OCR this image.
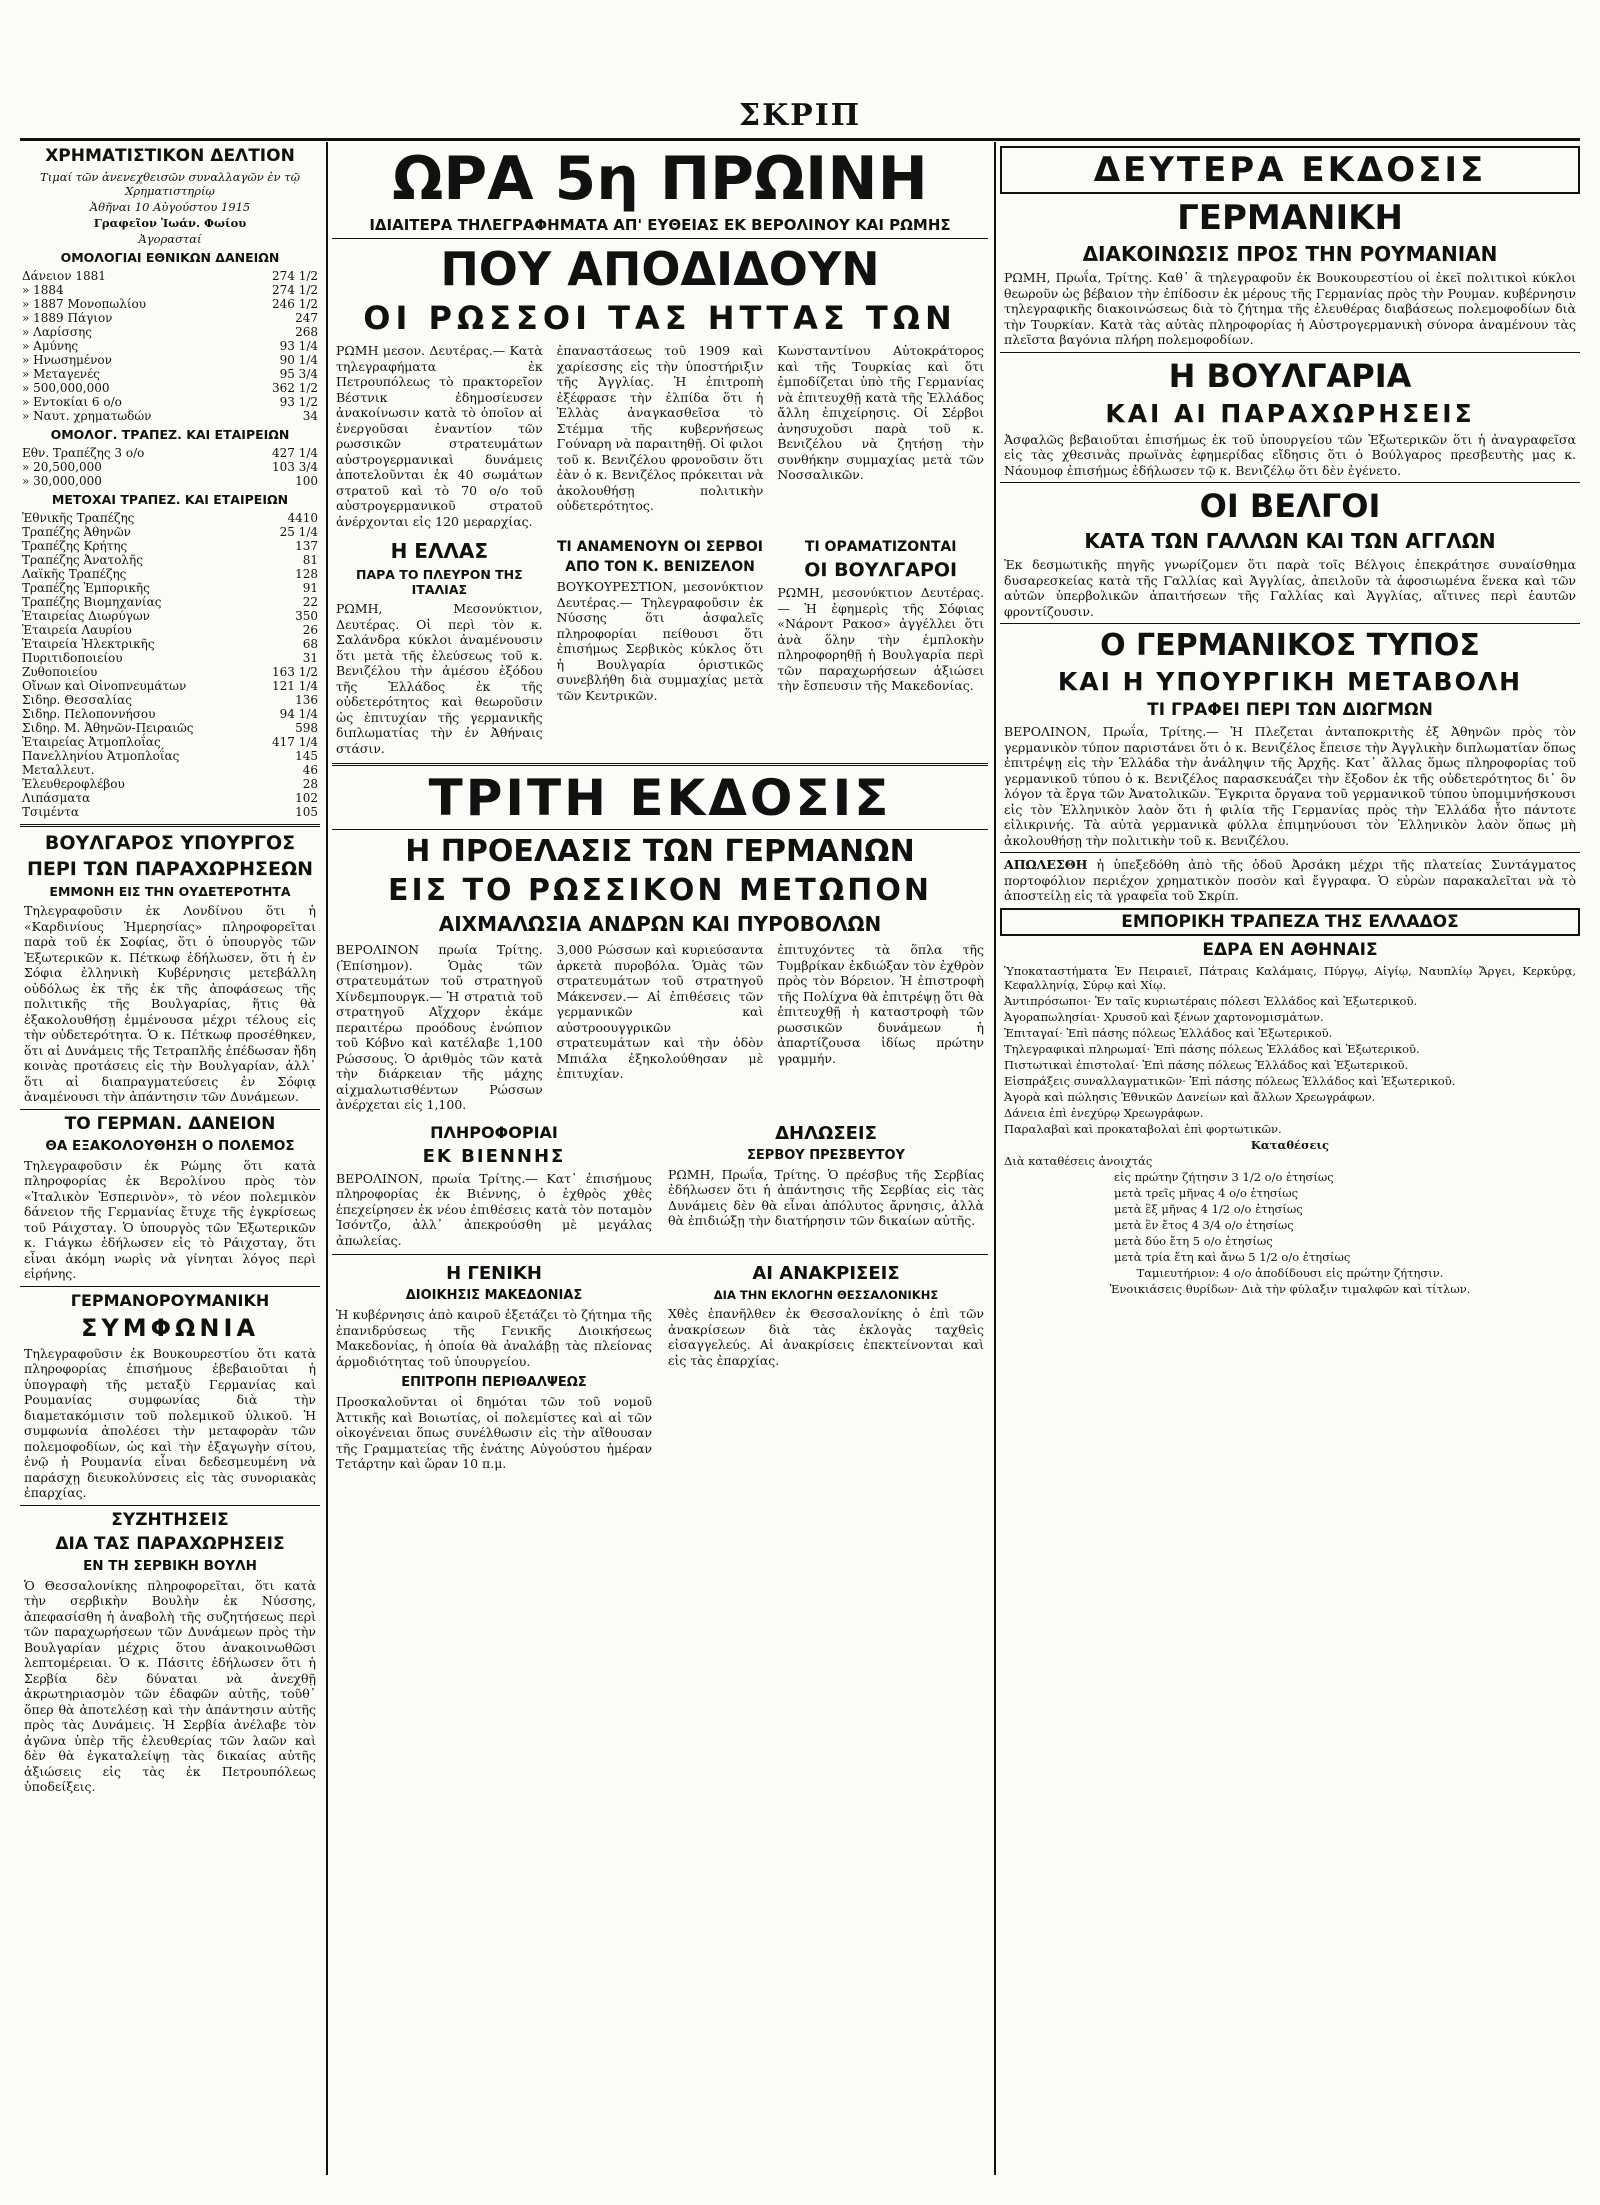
ΣΚΡΙΠ
ΧΡΗΜΑΤΙΣΤΙΚΟΝ ΔΕΛΤΙΟΝ
Τιμαί τῶν ἀνενεχθεισῶν συναλλαγῶν ἐν τῷ Χρηματιστηρίῳ
Ἀθῆναι 10 Αὐγούστου 1915
Γραφεῖον Ἰωάν. Φωίου
Ἀγορασταί
ΟΜΟΛΟΓΙΑΙ ΕΘΝΙΚΩΝ ΔΑΝΕΙΩΝ
Δάνειον 1881	274 1/2
» 1884	274 1/2
» 1887 Μονοπωλίου	246 1/2
» 1889 Πάγιον	247
» Λαρίσσης	268
» Αμύνης	93 1/4
» Ηνωσημένον	90 1/4
» Μεταγενές	95 3/4
» 500,000,000	362 1/2
» Εντοκίαι 6 ο/ο	93 1/2
» Ναυτ. χρηματωδών	34
ΟΜΟΛΟΓ. ΤΡΑΠΕΖ. ΚΑΙ ΕΤΑΙΡΕΙΩΝ
Εθν. Τραπέζης 3 ο/ο	427 1/4
» 20,500,000	103 3/4
» 30,000,000	100
ΜΕΤΟΧΑΙ ΤΡΑΠΕΖ. ΚΑΙ ΕΤΑΙΡΕΙΩΝ
Ἐθνικῆς Τραπέζης	4410
Τραπέζης Ἀθηνῶν	25 1/4
Τραπέζης Κρήτης	137
Τραπέζης Ἀνατολῆς	81
Λαϊκῆς Τραπέζης	128
Τραπέζης Ἐμπορικῆς	91
Τραπέζης Βιομηχανίας	22
Ἑταιρείας Διωρύγων	350
Ἑταιρεία Λαυρίου	26
Ἑταιρεία Ἠλεκτρικῆς	68
Πυριτιδοποιείου	31
Ζυθοποιείου	163 1/2
Οἴνων καὶ Οἰνοπνευμάτων	121 1/4
Σιδηρ. Θεσσαλίας	136
Σιδηρ. Πελοποννήσου	94 1/4
Σιδηρ. Μ. Ἀθηνῶν-Πειραιῶς	598
Ἑταιρείας Ἀτμοπλοΐας	417 1/4
Πανελληνίου Ἀτμοπλοΐας	145
Μεταλλευτ.	46
Ἐλευθεροφλέβου	28
Λιπάσματα	102
Τσιμέντα	105
ΒΟΥΛΓΑΡΟΣ ΥΠΟΥΡΓΟΣ
ΠΕΡΙ ΤΩΝ ΠΑΡΑΧΩΡΗΣΕΩΝ
ΕΜΜΟΝΗ ΕΙΣ ΤΗΝ ΟΥΔΕΤΕΡΟΤΗΤΑ
Τηλεγραφοῦσιν ἐκ Λονδίνου ὅτι ἡ «Καρδινίους Ἡμερησίας» πληροφορεῖται παρὰ τοῦ ἐκ Σοφίας, ὅτι ὁ ὑπουργὸς τῶν Ἐξωτερικῶν κ. Πέτκωφ ἐδήλωσεν, ὅτι ἡ ἐν Σόφια ἐλληνικὴ Κυβέρνησις μετεβάλλη οὐδόλως ἐκ τῆς ἐκ τῆς ἀποφάσεως τῆς πολιτικῆς τῆς Βουλγαρίας, ἥτις θὰ ἐξακολουθήσῃ ἐμμένουσα μέχρι τέλους εἰς τὴν οὐδετερότητα. Ὁ κ. Πέτκωφ προσέθηκεν, ὅτι αἱ Δυνάμεις τῆς Τετραπλῆς ἐπέδωσαν ἤδη κοινὰς προτάσεις εἰς τὴν Βουλγαρίαν, ἀλλ᾽ ὅτι αἱ διαπραγματεύσεις ἐν Σόφιᾳ ἀναμένουσι τὴν ἀπάντησιν τῶν Δυνάμεων.
ΤΟ ΓΕΡΜΑΝ. ΔΑΝΕΙΟΝ
ΘΑ ΕΞΑΚΟΛΟΥΘΗΣΗ Ο ΠΟΛΕΜΟΣ
Τηλεγραφοῦσιν ἐκ Ρώμης ὅτι κατὰ πληροφορίας ἐκ Βερολίνου πρὸς τὸν «Ἰταλικὸν Ἑσπερινὸν», τὸ νέον πολεμικὸν δάνειον τῆς Γερμανίας ἔτυχε τῆς ἐγκρίσεως τοῦ Ράιχσταγ. Ὁ ὑπουργὸς τῶν Ἐξωτερικῶν κ. Γιάγκω ἐδήλωσεν εἰς τὸ Ράιχσταγ, ὅτι εἶναι ἀκόμη νωρὶς νὰ γίνηται λόγος περὶ εἰρήνης.
ΓΕΡΜΑΝΟΡΟΥΜΑΝΙΚΗ
ΣΥΜΦΩΝΙΑ
Τηλεγραφοῦσιν ἐκ Βουκουρεστίου ὅτι κατὰ πληροφορίας ἐπισήμους ἐβεβαιοῦται ἡ ὑπογραφὴ τῆς μεταξὺ Γερμανίας καὶ Ρουμανίας συμφωνίας διὰ τὴν διαμετακόμισιν τοῦ πολεμικοῦ ὑλικοῦ. Ἡ συμφωνία ἀπολέσει τὴν μεταφορὰν τῶν πολεμοφοδίων, ὡς καὶ τὴν ἐξαγωγὴν σίτου, ἐνῷ ἡ Ρουμανία εἶναι δεδεσμευμένη νὰ παράσχῃ διευκολύνσεις εἰς τὰς συνοριακὰς ἐπαρχίας.
ΣΥΖΗΤΗΣΕΙΣ
ΔΙΑ ΤΑΣ ΠΑΡΑΧΩΡΗΣΕΙΣ
ΕΝ ΤΗ ΣΕΡΒΙΚΗ ΒΟΥΛΗ
Ὁ Θεσσαλονίκης πληροφορεῖται, ὅτι κατὰ τὴν σερβικὴν Βουλὴν ἐκ Νύσσης, ἀπεφασίσθη ἡ ἀναβολὴ τῆς συζητήσεως περὶ τῶν παραχωρήσεων τῶν Δυνάμεων πρὸς τὴν Βουλγαρίαν μέχρις ὅτου ἀνακοινωθῶσι λεπτομέρειαι. Ὁ κ. Πάσιτς ἐδήλωσεν ὅτι ἡ Σερβία δὲν δύναται νὰ ἀνεχθῇ ἀκρωτηριασμὸν τῶν ἐδαφῶν αὐτῆς, τοῦθ᾽ ὅπερ θὰ ἀποτελέσῃ καὶ τὴν ἀπάντησιν αὐτῆς πρὸς τὰς Δυνάμεις. Ἡ Σερβία ἀνέλαβε τὸν ἀγῶνα ὑπὲρ τῆς ἐλευθερίας τῶν λαῶν καὶ δὲν θὰ ἐγκαταλείψῃ τὰς δικαίας αὐτῆς ἀξιώσεις εἰς τὰς ἐκ Πετρουπόλεως ὑποδείξεις.
ΩΡΑ 5η ΠΡΩΙΝΗ
ΙΔΙΑΙΤΕΡΑ ΤΗΛΕΓΡΑΦΗΜΑΤΑ ΑΠ' ΕΥΘΕΙΑΣ ΕΚ ΒΕΡΟΛΙΝΟΥ ΚΑΙ ΡΩΜΗΣ
ΠΟΥ ΑΠΟΔΙΔΟΥΝ
ΟΙ ΡΩΣΣΟΙ ΤΑΣ ΗΤΤΑΣ ΤΩΝ
ΡΩΜΗ μεσον. Δευτέρας.— Κατὰ τηλεγραφήματα ἐκ Πετρουπόλεως τὸ πρακτορεῖον Βέστνικ ἐδημοσίευσεν ἀνακοίνωσιν κατὰ τὸ ὁποῖον αἱ ἐνεργοῦσαι ἐναντίον τῶν ρωσσικῶν στρατευμάτων αὐστρογερμανικαὶ δυνάμεις ἀποτελοῦνται ἐκ 40 σωμάτων στρατοῦ καὶ τὸ 70 ο/ο τοῦ αὐστρογερμανικοῦ στρατοῦ ἀνέρχονται εἰς 120 μεραρχίας.
ἐπαναστάσεως τοῦ 1909 καὶ χαρίεσσης εἰς τὴν ὑποστήριξιν τῆς Ἀγγλίας. Ἡ ἐπιτροπὴ ἐξέφρασε τὴν ἐλπίδα ὅτι ἡ Ἑλλὰς ἀναγκασθεῖσα τὸ Στέμμα τῆς κυβερνήσεως Γούναρη νὰ παραιτηθῇ. Οἱ φιλοι τοῦ κ. Βενιζέλου φρονοῦσιν ὅτι ἐὰν ὁ κ. Βενιζέλος πρόκειται νὰ ἀκολουθήσῃ πολιτικὴν οὐδετερότητος.
Κωνσταντίνου Αὐτοκράτορος καὶ τῆς Τουρκίας καὶ ὅτι ἐμποδίζεται ὑπὸ τῆς Γερμανίας νὰ ἐπιτευχθῇ κατὰ τῆς Ἑλλάδος ἄλλη ἐπιχείρησις. Οἱ Σέρβοι ἀνησυχοῦσι παρὰ τοῦ κ. Βενιζέλου νὰ ζητήσῃ τὴν συνθήκην συμμαχίας μετὰ τῶν Νοσσαλικῶν.
Η ΕΛΛΑΣ
ΠΑΡΑ ΤΟ ΠΛΕΥΡΟΝ ΤΗΣ ΙΤΑΛΙΑΣ
ΡΩΜΗ, Μεσονύκτιον, Δευτέρας. Οἱ περὶ τὸν κ. Σαλάνδρα κύκλοι ἀναμένουσιν ὅτι μετὰ τῆς ἐλεύσεως τοῦ κ. Βενιζέλου τὴν ἀμέσου ἐξόδου τῆς Ἑλλάδος ἐκ τῆς οὐδετερότητος καὶ θεωροῦσιν ὡς ἐπιτυχίαν τῆς γερμανικῆς διπλωματίας τὴν ἐν Ἀθήναις στάσιν.
ΤΙ ΑΝΑΜΕΝΟΥΝ ΟΙ ΣΕΡΒΟΙ
ΑΠΟ ΤΟΝ Κ. ΒΕΝΙΖΕΛΟΝ
ΒΟΥΚΟΥΡΕΣΤΙΟΝ, μεσονύκτιον Δευτέρας.— Τηλεγραφοῦσιν ἐκ Νύσσης ὅτι ἀσφαλεῖς πληροφορίαι πείθουσι ὅτι ἐπισήμως Σερβικὸς κύκλος ὅτι ἡ Βουλγαρία ὁριστικῶς συνεβλήθη διὰ συμμαχίας μετὰ τῶν Κεντρικῶν.
ΤΙ ΟΡΑΜΑΤΙΖΟΝΤΑΙ
ΟΙ ΒΟΥΛΓΑΡΟΙ
ΡΩΜΗ, μεσονύκτιον Δευτέρας.— Ἡ ἐφημερὶς τῆς Σόφιας «Νάροντ Ρακοσ» ἀγγέλλει ὅτι ἀνὰ ὅλην τὴν ἐμπλοκὴν πληροφορηθῇ ἡ Βουλγαρία περὶ τῶν παραχωρήσεων ἀξιώσει τὴν ἔσπευσιν τῆς Μακεδονίας.
ΤΡΙΤΗ ΕΚΔΟΣΙΣ
Η ΠΡΟΕΛΑΣΙΣ ΤΩΝ ΓΕΡΜΑΝΩΝ
ΕΙΣ ΤΟ ΡΩΣΣΙΚΟΝ ΜΕΤΩΠΟΝ
ΑΙΧΜΑΛΩΣΙΑ ΑΝΔΡΩΝ ΚΑΙ ΠΥΡΟΒΟΛΩΝ
ΒΕΡΟΛΙΝΟΝ πρωία Τρίτης. (Ἐπίσημον). Ὁμὰς τῶν στρατευμάτων τοῦ στρατηγοῦ Χίνδεμπουργκ.— Ἡ στρατιὰ τοῦ στρατηγοῦ Αἴχχορν ἐκάμε περαιτέρω προόδους ἐνώπιον τοῦ Κόβνο καὶ κατέλαβε 1,100 Ρώσσους. Ὁ ἀριθμὸς τῶν κατὰ τὴν διάρκειαν τῆς μάχης αἰχμαλωτισθέντων Ρώσσων ἀνέρχεται εἰς 1,100.
3,000 Ρώσσων καὶ κυριεύσαντα ἀρκετὰ πυροβόλα. Ὁμὰς τῶν στρατευμάτων τοῦ στρατηγοῦ Μάκενσεν.— Αἱ ἐπιθέσεις τῶν γερμανικῶν καὶ αὐστροουγγρικῶν στρατευμάτων καὶ τὴν ὁδὸν Μπιάλα ἐξηκολούθησαν μὲ ἐπιτυχίαν.
ἐπιτυχόντες τὰ ὅπλα τῆς Τυμβρίκαν ἐκδιώξαν τὸν ἐχθρὸν πρὸς τὸν Βόρειον. Ἡ ἐπιστροφὴ τῆς Πολίχνα θὰ ἐπιτρέψῃ ὅτι θὰ ἐπιτευχθῇ ἡ καταστροφὴ τῶν ρωσσικῶν δυνάμεων ἡ ἀπαρτίζουσα ἰδίως πρώτην γραμμήν.
ΠΛΗΡΟΦΟΡΙΑΙ
ΕΚ ΒΙΕΝΝΗΣ
ΒΕΡΟΛΙΝΟΝ, πρωία Τρίτης.— Κατ᾽ ἐπισήμους πληροφορίας ἐκ Βιέννης, ὁ ἐχθρὸς χθὲς ἐπεχείρησεν ἐκ νέου ἐπιθέσεις κατὰ τὸν ποταμὸν Ἰσόντζο, ἀλλ᾽ ἀπεκρούσθη μὲ μεγάλας ἀπωλείας.
ΔΗΛΩΣΕΙΣ
ΣΕΡΒΟΥ ΠΡΕΣΒΕΥΤΟΥ
ΡΩΜΗ, Πρωΐα, Τρίτης. Ὁ πρέσβυς τῆς Σερβίας ἐδήλωσεν ὅτι ἡ ἀπάντησις τῆς Σερβίας εἰς τὰς Δυνάμεις δὲν θὰ εἶναι ἀπόλυτος ἄρνησις, ἀλλὰ θὰ ἐπιδιώξῃ τὴν διατήρησιν τῶν δικαίων αὐτῆς.
Η ΓΕΝΙΚΗ
ΔΙΟΙΚΗΣΙΣ ΜΑΚΕΔΟΝΙΑΣ
Ἡ κυβέρνησις ἀπὸ καιροῦ ἐξετάζει τὸ ζήτημα τῆς ἐπανιδρύσεως τῆς Γενικῆς Διοικήσεως Μακεδονίας, ἡ ὁποία θὰ ἀναλάβῃ τὰς πλείονας ἁρμοδιότητας τοῦ ὑπουργείου.
ΕΠΙΤΡΟΠΗ ΠΕΡΙΘΑΛΨΕΩΣ
Προσκαλοῦνται οἱ δημόται τῶν τοῦ νομοῦ Ἀττικῆς καὶ Βοιωτίας, οἱ πολεμίστες καὶ αἱ τῶν οἰκογένειαι ὅπως συνέλθωσιν εἰς τὴν αἴθουσαν τῆς Γραμματείας τῆς ἐνάτης Αὐγούστου ἡμέραν Τετάρτην καὶ ὥραν 10 π.μ.
ΑΙ ΑΝΑΚΡΙΣΕΙΣ
ΔΙΑ ΤΗΝ ΕΚΛΟΓΗΝ ΘΕΣΣΑΛΟΝΙΚΗΣ
Χθὲς ἐπανῆλθεν ἐκ Θεσσαλονίκης ὁ ἐπὶ τῶν ἀνακρίσεων διὰ τὰς ἐκλογὰς ταχθεὶς εἰσαγγελεύς. Αἱ ἀνακρίσεις ἐπεκτείνονται καὶ εἰς τὰς ἐπαρχίας.
ΔΕΥΤΕΡΑ ΕΚΔΟΣΙΣ
ΓΕΡΜΑΝΙΚΗ
ΔΙΑΚΟΙΝΩΣΙΣ ΠΡΟΣ ΤΗΝ ΡΟΥΜΑΝΙΑΝ
ΡΩΜΗ, Πρωΐα, Τρίτης. Καθ᾽ ἃ τηλεγραφοῦν ἐκ Βουκουρεστίου οἱ ἐκεῖ πολιτικοὶ κύκλοι θεωροῦν ὡς βέβαιον τὴν ἐπίδοσιν ἐκ μέρους τῆς Γερμανίας πρὸς τὴν Ρουμαν. κυβέρνησιν τηλεγραφικῆς διακοινώσεως διὰ τὸ ζήτημα τῆς ἐλευθέρας διαβάσεως πολεμοφοδίων διὰ τὴν Τουρκίαν. Κατὰ τὰς αὐτὰς πληροφορίας ἡ Αὐστρογερμανικὴ σύνορα ἀναμένουν τὰς πλεῖστα βαγόνια πλήρη πολεμοφοδίων.
Η ΒΟΥΛΓΑΡΙΑ
ΚΑΙ ΑΙ ΠΑΡΑΧΩΡΗΣΕΙΣ
Ἀσφαλῶς βεβαιοῦται ἐπισήμως ἐκ τοῦ ὑπουργείου τῶν Ἐξωτερικῶν ὅτι ἡ ἀναγραφεῖσα εἰς τὰς χθεσινὰς πρωϊνὰς ἐφημερίδας εἴδησις ὅτι ὁ Βούλγαρος πρεσβευτὴς μας κ. Νάουμοφ ἐπισήμως ἐδήλωσεν τῷ κ. Βενιζέλῳ ὅτι δὲν ἐγένετο.
ΟΙ ΒΕΛΓΟΙ
ΚΑΤΑ ΤΩΝ ΓΑΛΛΩΝ ΚΑΙ ΤΩΝ ΑΓΓΛΩΝ
Ἐκ δεσμωτικῆς πηγῆς γνωρίζομεν ὅτι παρὰ τοῖς Βέλγοις ἐπεκράτησε συναίσθημα δυσαρεσκείας κατὰ τῆς Γαλλίας καὶ Ἀγγλίας, ἀπειλοῦν τὰ ἀφοσιωμένα ἕνεκα καὶ τῶν αὐτῶν ὑπερβολικῶν ἀπαιτήσεων τῆς Γαλλίας καὶ Ἀγγλίας, αἵτινες περὶ ἑαυτῶν φροντίζουσιν.
Ο ΓΕΡΜΑΝΙΚΟΣ ΤΥΠΟΣ
ΚΑΙ Η ΥΠΟΥΡΓΙΚΗ ΜΕΤΑΒΟΛΗ
ΤΙ ΓΡΑΦΕΙ ΠΕΡΙ ΤΩΝ ΔΙΩΓΜΩΝ
ΒΕΡΟΛΙΝΟΝ, Πρωΐα, Τρίτης.— Ἡ Πλεζεται ἀνταποκριτὴς ἐξ Ἀθηνῶν πρὸς τὸν γερμανικὸν τύπον παριστάνει ὅτι ὁ κ. Βενιζέλος ἔπεισε τὴν Ἀγγλικὴν διπλωματίαν ὅπως ἐπιτρέψῃ εἰς τὴν Ἑλλάδα τὴν ἀνάληψιν τῆς Ἀρχῆς. Κατ᾽ ἄλλας ὅμως πληροφορίας τοῦ γερμανικοῦ τύπου ὁ κ. Βενιζέλος παρασκευάζει τὴν ἔξοδον ἐκ τῆς οὐδετερότητος δι᾽ ὃν λόγον τὰ ἔργα τῶν Ἀνατολικῶν. Ἔγκριτα ὄργανα τοῦ γερμανικοῦ τύπου ὑπομιμνήσκουσι εἰς τὸν Ἑλληνικὸν λαὸν ὅτι ἡ φιλία τῆς Γερμανίας πρὸς τὴν Ἑλλάδα ἦτο πάντοτε εἰλικρινής. Τὰ αὐτὰ γερμανικὰ φύλλα ἐπιμηνύουσι τὸν Ἑλληνικὸν λαὸν ὅπως μὴ ἀκολουθήσῃ τὴν πολιτικὴν τοῦ κ. Βενιζέλου.
ΑΠΩΛΕΣΘΗ ἡ ὑπεξεδόθη ἀπὸ τῆς ὁδοῦ Ἀρσάκη μέχρι τῆς πλατείας Συντάγματος πορτοφόλιον περιέχον χρηματικὸν ποσὸν καὶ ἔγγραφα. Ὁ εὑρὼν παρακαλεῖται νὰ τὸ ἀποστείλῃ εἰς τὰ γραφεῖα τοῦ Σκρίπ.
ΕΜΠΟΡΙΚΗ ΤΡΑΠΕΖΑ ΤΗΣ ΕΛΛΑΔΟΣ
ΕΔΡΑ ΕΝ ΑΘΗΝΑΙΣ
Ὑποκαταστήματα Ἐν Πειραιεῖ, Πάτραις Καλάμαις, Πύργῳ, Αἰγίῳ, Ναυπλίῳ Ἄργει, Κερκύρᾳ, Κεφαλληνίᾳ, Σύρῳ καὶ Χίῳ.
Ἀντιπρόσωποι· Ἐν ταῖς κυριωτέραις πόλεσι Ἑλλάδος καὶ Ἐξωτερικοῦ.
Ἀγοραπωλησίαι· Χρυσοῦ καὶ ξένων χαρτονομισμάτων.
Ἐπιταγαί· Ἐπὶ πάσης πόλεως Ἑλλάδος καὶ Ἐξωτερικοῦ.
Τηλεγραφικαὶ πληρωμαί· Ἐπὶ πάσης πόλεως Ἑλλάδος καὶ Ἐξωτερικοῦ.
Πιστωτικαὶ ἐπιστολαί· Ἐπὶ πάσης πόλεως Ἑλλάδος καὶ Ἐξωτερικοῦ.
Εἰσπράξεις συναλλαγματικῶν· Ἐπὶ πάσης πόλεως Ἑλλάδος καὶ Ἐξωτερικοῦ.
Ἀγορὰ καὶ πώλησις Ἐθνικῶν Δανείων καὶ ἄλλων Χρεωγράφων.
Δάνεια ἐπὶ ἐνεχύρῳ Χρεωγράφων.
Παραλαβαὶ καὶ προκαταβολαὶ ἐπὶ φορτωτικῶν.
Καταθέσεις
Διὰ καταθέσεις ἀνοιχτάς
εἰς πρώτην ζήτησιν 3 1/2 ο/ο ἐτησίως
μετὰ τρεῖς μῆνας 4 ο/ο ἐτησίως
μετὰ ἓξ μῆνας 4 1/2 ο/ο ἐτησίως
μετὰ ἓν ἔτος 4 3/4 ο/ο ἐτησίως
μετὰ δύο ἔτη 5 ο/ο ἐτησίως
μετὰ τρία ἔτη καὶ ἄνω 5 1/2 ο/ο ἐτησίως
Ταμιευτήριον: 4 ο/ο ἀποδίδουσι εἰς πρώτην ζήτησιν.
Ἐνοικιάσεις θυρίδων· Διὰ τὴν φύλαξιν τιμαλφῶν καὶ τίτλων.
